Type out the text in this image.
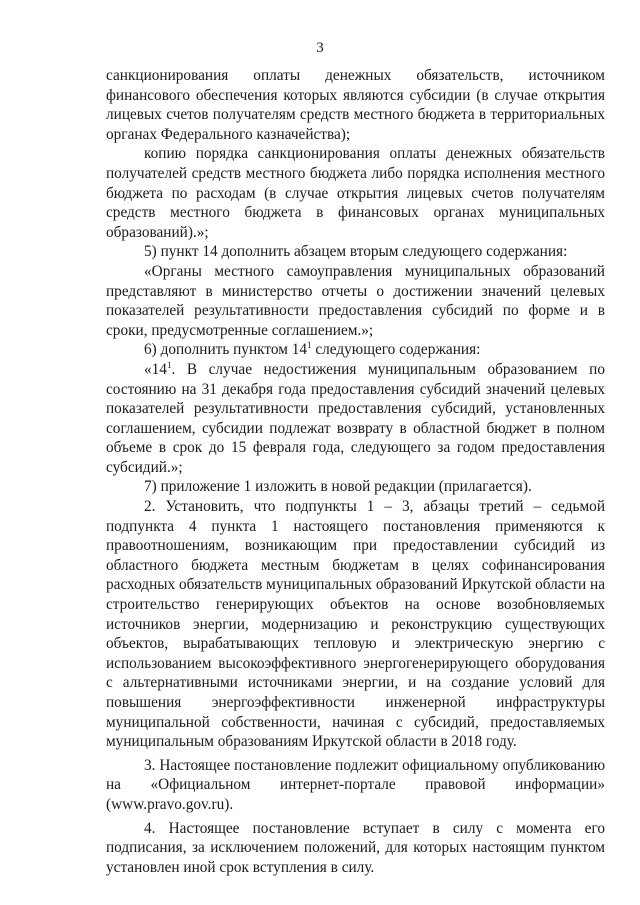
3

санкционирования оплаты денежных обязательств, источником финансового обеспечения которых являются субсидии (в случае открытия лицевых счетов получателям средств местного бюджета в территориальных органах Федерального казначейства);

копию порядка санкционирования оплаты денежных обязательств получателей средств местного бюджета либо порядка исполнения местного бюджета по расходам (в случае открытия лицевых счетов получателям средств местного бюджета в финансовых органах муниципальных образований).»;

5) пункт 14 дополнить абзацем вторым следующего содержания:

«Органы местного самоуправления муниципальных образований представляют в министерство отчеты о достижении значений целевых показателей результативности предоставления субсидий по форме и в сроки, предусмотренные соглашением.»;

6) дополнить пунктом $14^1$ следующего содержания:

«$14^1$. В случае недостижения муниципальным образованием по состоянию на 31 декабря года предоставления субсидий значений целевых показателей результативности предоставления субсидий, установленных соглашением, субсидии подлежат возврату в областной бюджет в полном объеме в срок до 15 февраля года, следующего за годом предоставления субсидий.»;

7) приложение 1 изложить в новой редакции (прилагается).

2. Установить, что подпункты 1 – 3, абзацы третий – седьмой подпункта 4 пункта 1 настоящего постановления применяются к правоотношениям, возникающим при предоставлении субсидий из областного бюджета местным бюджетам в целях софинансирования расходных обязательств муниципальных образований Иркутской области на строительство генерирующих объектов на основе возобновляемых источников энергии, модернизацию и реконструкцию существующих объектов, вырабатывающих тепловую и электрическую энергию с использованием высокоэффективного энергогенерирующего оборудования с альтернативными источниками энергии, и на создание условий для повышения энергоэффективности инженерной инфраструктуры муниципальной собственности, начиная с субсидий, предоставляемых муниципальным образованиям Иркутской области в 2018 году.

3. Настоящее постановление подлежит официальному опубликованию на «Официальном интернет-портале правовой информации» (www.pravo.gov.ru).

4. Настоящее постановление вступает в силу с момента его подписания, за исключением положений, для которых настоящим пунктом установлен иной срок вступления в силу.
